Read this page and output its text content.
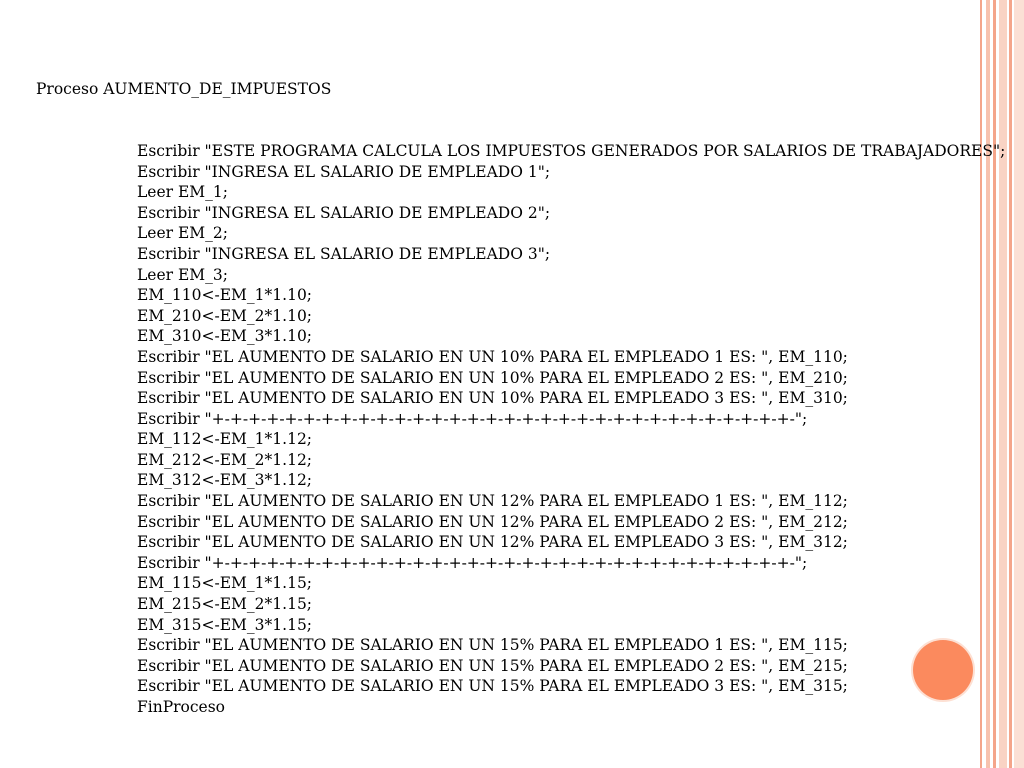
Proceso AUMENTO_DE_IMPUESTOS

Escribir "ESTE PROGRAMA CALCULA LOS IMPUESTOS GENERADOS POR SALARIOS DE TRABAJADORES";
Escribir "INGRESA EL SALARIO DE EMPLEADO 1";
Leer EM_1;
Escribir "INGRESA EL SALARIO DE EMPLEADO 2";
Leer EM_2;
Escribir "INGRESA EL SALARIO DE EMPLEADO 3";
Leer EM_3;
EM_110<-EM_1*1.10;
EM_210<-EM_2*1.10;
EM_310<-EM_3*1.10;
Escribir "EL AUMENTO DE SALARIO EN UN 10% PARA EL EMPLEADO 1 ES: ", EM_110;
Escribir "EL AUMENTO DE SALARIO EN UN 10% PARA EL EMPLEADO 2 ES: ", EM_210;
Escribir "EL AUMENTO DE SALARIO EN UN 10% PARA EL EMPLEADO 3 ES: ", EM_310;
Escribir "+-+-+-+-+-+-+-+-+-+-+-+-+-+-+-+-+-+-+-+-+-+-+-+-+-+-+-+-+-+-+-+-";
EM_112<-EM_1*1.12;
EM_212<-EM_2*1.12;
EM_312<-EM_3*1.12;
Escribir "EL AUMENTO DE SALARIO EN UN 12% PARA EL EMPLEADO 1 ES: ", EM_112;
Escribir "EL AUMENTO DE SALARIO EN UN 12% PARA EL EMPLEADO 2 ES: ", EM_212;
Escribir "EL AUMENTO DE SALARIO EN UN 12% PARA EL EMPLEADO 3 ES: ", EM_312;
Escribir "+-+-+-+-+-+-+-+-+-+-+-+-+-+-+-+-+-+-+-+-+-+-+-+-+-+-+-+-+-+-+-+-";
EM_115<-EM_1*1.15;
EM_215<-EM_2*1.15;
EM_315<-EM_3*1.15;
Escribir "EL AUMENTO DE SALARIO EN UN 15% PARA EL EMPLEADO 1 ES: ", EM_115;
Escribir "EL AUMENTO DE SALARIO EN UN 15% PARA EL EMPLEADO 2 ES: ", EM_215;
Escribir "EL AUMENTO DE SALARIO EN UN 15% PARA EL EMPLEADO 3 ES: ", EM_315;
FinProceso
